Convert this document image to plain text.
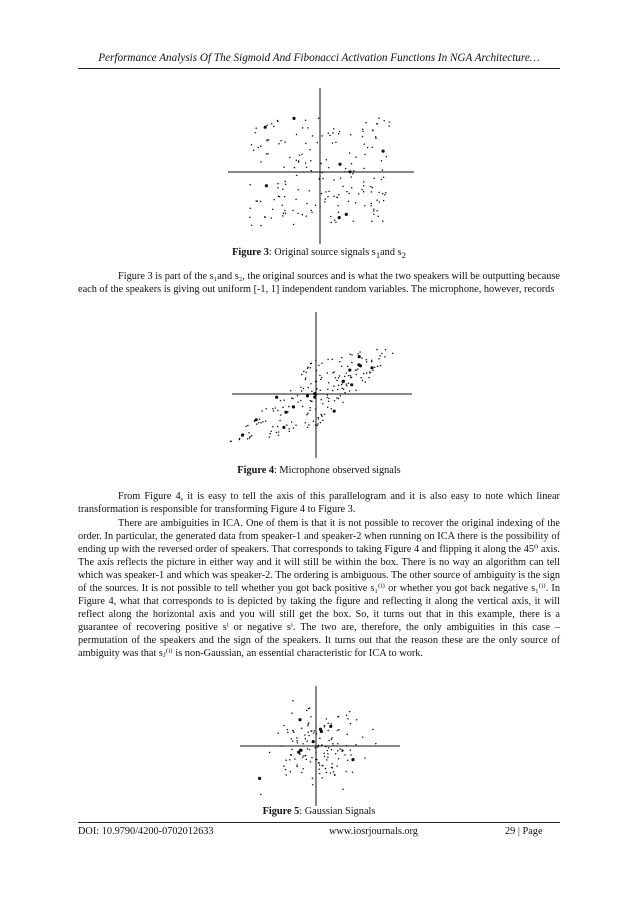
Performance Analysis Of The Sigmoid And Fibonacci Activation Functions In NGA Architecture…
Figure 3: Original source signals $s_1and$ $s_2$

Figure 3 is part of the s₁and s₂, the original sources and is what the two speakers will be outputting because each of the speakers is giving out uniform [-1, 1] independent random variables. The microphone, however, records

Figure 4: Microphone observed signals

From Figure 4, it is easy to tell the axis of this parallelogram and it is also easy to note which linear transformation is responsible for transforming Figure 4 to Figure 3.

There are ambiguities in ICA. One of them is that it is not possible to recover the original indexing of the order. In particular, the generated data from speaker-1 and speaker-2 when running on ICA there is the possibility of ending up with the reversed order of speakers. That corresponds to taking Figure 4 and flipping it along the 45⁰ axis. The axis reflects the picture in either way and it will still be within the box. There is no way an algorithm can tell which was speaker-1 and which was speaker-2. The ordering is ambiguous. The other source of ambiguity is the sign of the sources. It is not possible to tell whether you got back positive s₁⁽ⁱ⁾ or whether you got back negative s₁⁽ⁱ⁾. In Figure 4, what that corresponds to is depicted by taking the figure and reflecting it along the vertical axis, it will reflect along the horizontal axis and you will still get the box. So, it turns out that in this example, there is a guarantee of recovering positive sⁱ or negative sⁱ. The two are, therefore, the only ambiguities in this case – permutation of the speakers and the sign of the speakers. It turns out that the reason these are the only source of ambiguity was that sⱼ⁽ⁱ⁾ is non-Gaussian, an essential characteristic for ICA to work.

Figure 5: Gaussian Signals
DOI: 10.9790/4200-0702012633	www.iosrjournals.org	29 | Page
